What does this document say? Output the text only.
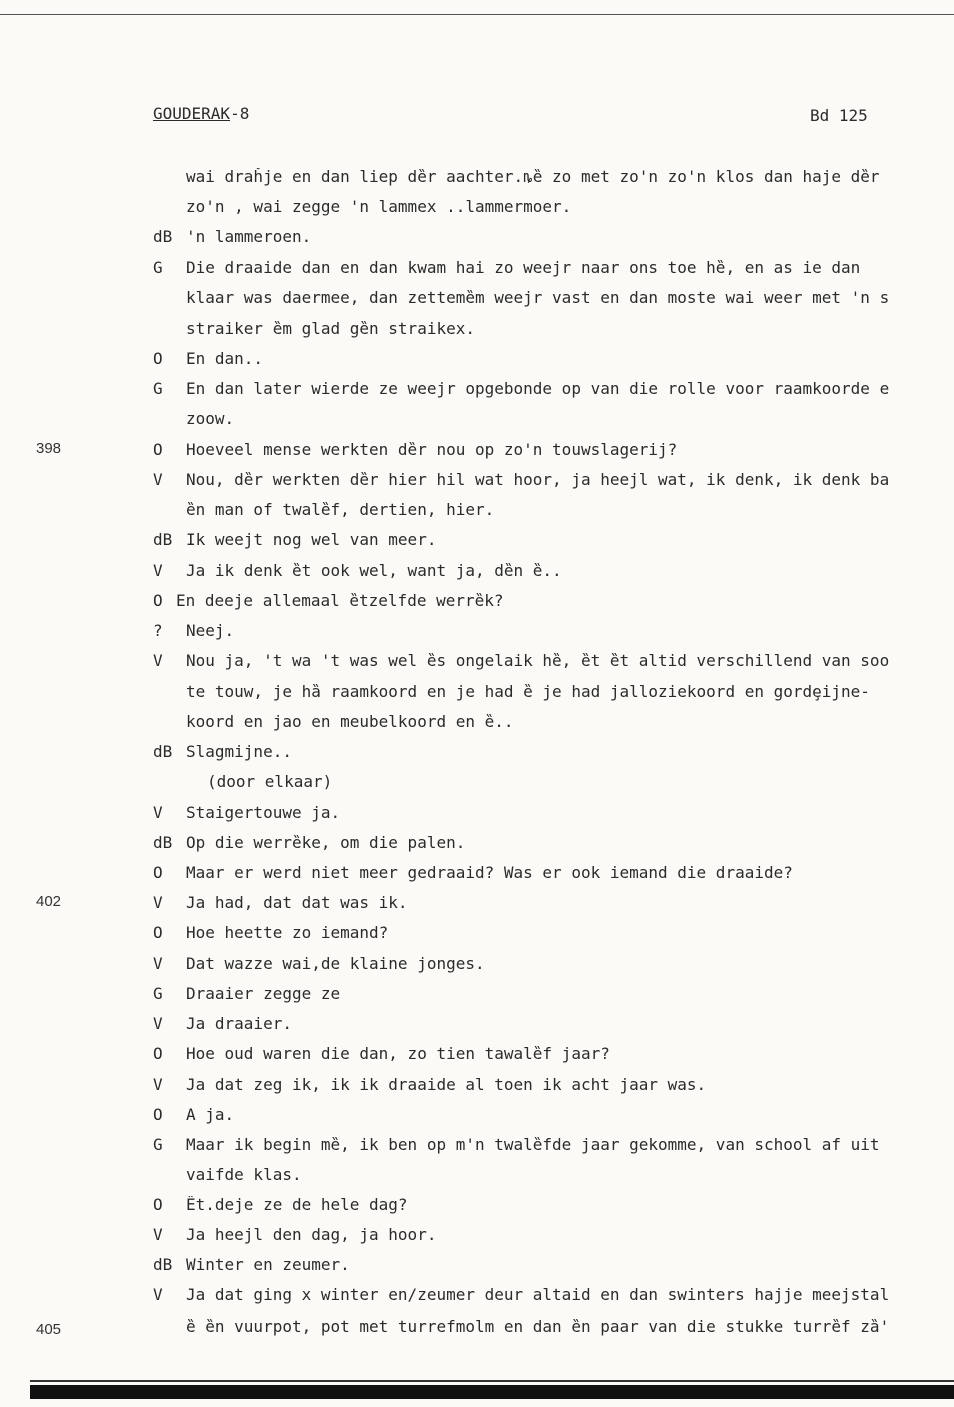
GOUDERAK-8	Bd 125
398
402
405
wai draȟje en dan liep dȅr aachter.ȵȅ zo met zo'n zo'n klos dan haje dȅr
zo'n , wai zegge 'n lammex ..lammermoer.
dB 'n lammeroen.
G Die draaide dan en dan kwam hai zo weejr naar ons toe hȅ, en as ie dan
klaar was daermee, dan zettemȅm weejr vast en dan moste wai weer met 'n s
straiker ȅm glad gȅn straikex.
O En dan..
G En dan later wierde ze weejr opgebonde op van die rolle voor raamkoorde e
zoow.
O Hoeveel mense werkten dȅr nou op zo'n touwslagerij?
V Nou, dȅr werkten dȅr hier hil wat hoor, ja heejl wat, ik denk, ik denk ba
ȅn man of twalȅf, dertien, hier.
dB Ik weejt nog wel van meer.
V Ja ik denk ȅt ook wel, want ja, dȅn ȅ..
O En deeje allemaal ȅtzelfde werrȅk?
? Neej.
V Nou ja, 't wa 't was wel ȅs ongelaik hȅ, ȅt ȅt altid verschillend van soo
te touw, je hȁ raamkoord en je had ȅ je had jalloziekoord en gordȩijne-
koord en jao en meubelkoord en ȅ..
dB Slagmijne..
(door elkaar)
V Staigertouwe ja.
dB Op die werrȅke, om die palen.
O Maar er werd niet meer gedraaid? Was er ook iemand die draaide?
V Ja had, dat dat was ik.
O Hoe heette zo iemand?
V Dat wazze wai,de klaine jonges.
G Draaier zegge ze
V Ja draaier.
O Hoe oud waren die dan, zo tien tawalȅf jaar?
V Ja dat zeg ik, ik ik draaide al toen ik acht jaar was.
O A ja.
G Maar ik begin mȅ, ik ben op m'n twalȅfde jaar gekomme, van school af uit
vaifde klas.
O Ȅt.deje ze de hele dag?
V Ja heejl den dag, ja hoor.
dB Winter en zeumer.
V Ja dat ging x winter en/zeumer deur altaid en dan swinters hajje meejstal
ȅ ȅn vuurpot, pot met turrefmolm en dan ȅn paar van die stukke turrȅf zȁ'
